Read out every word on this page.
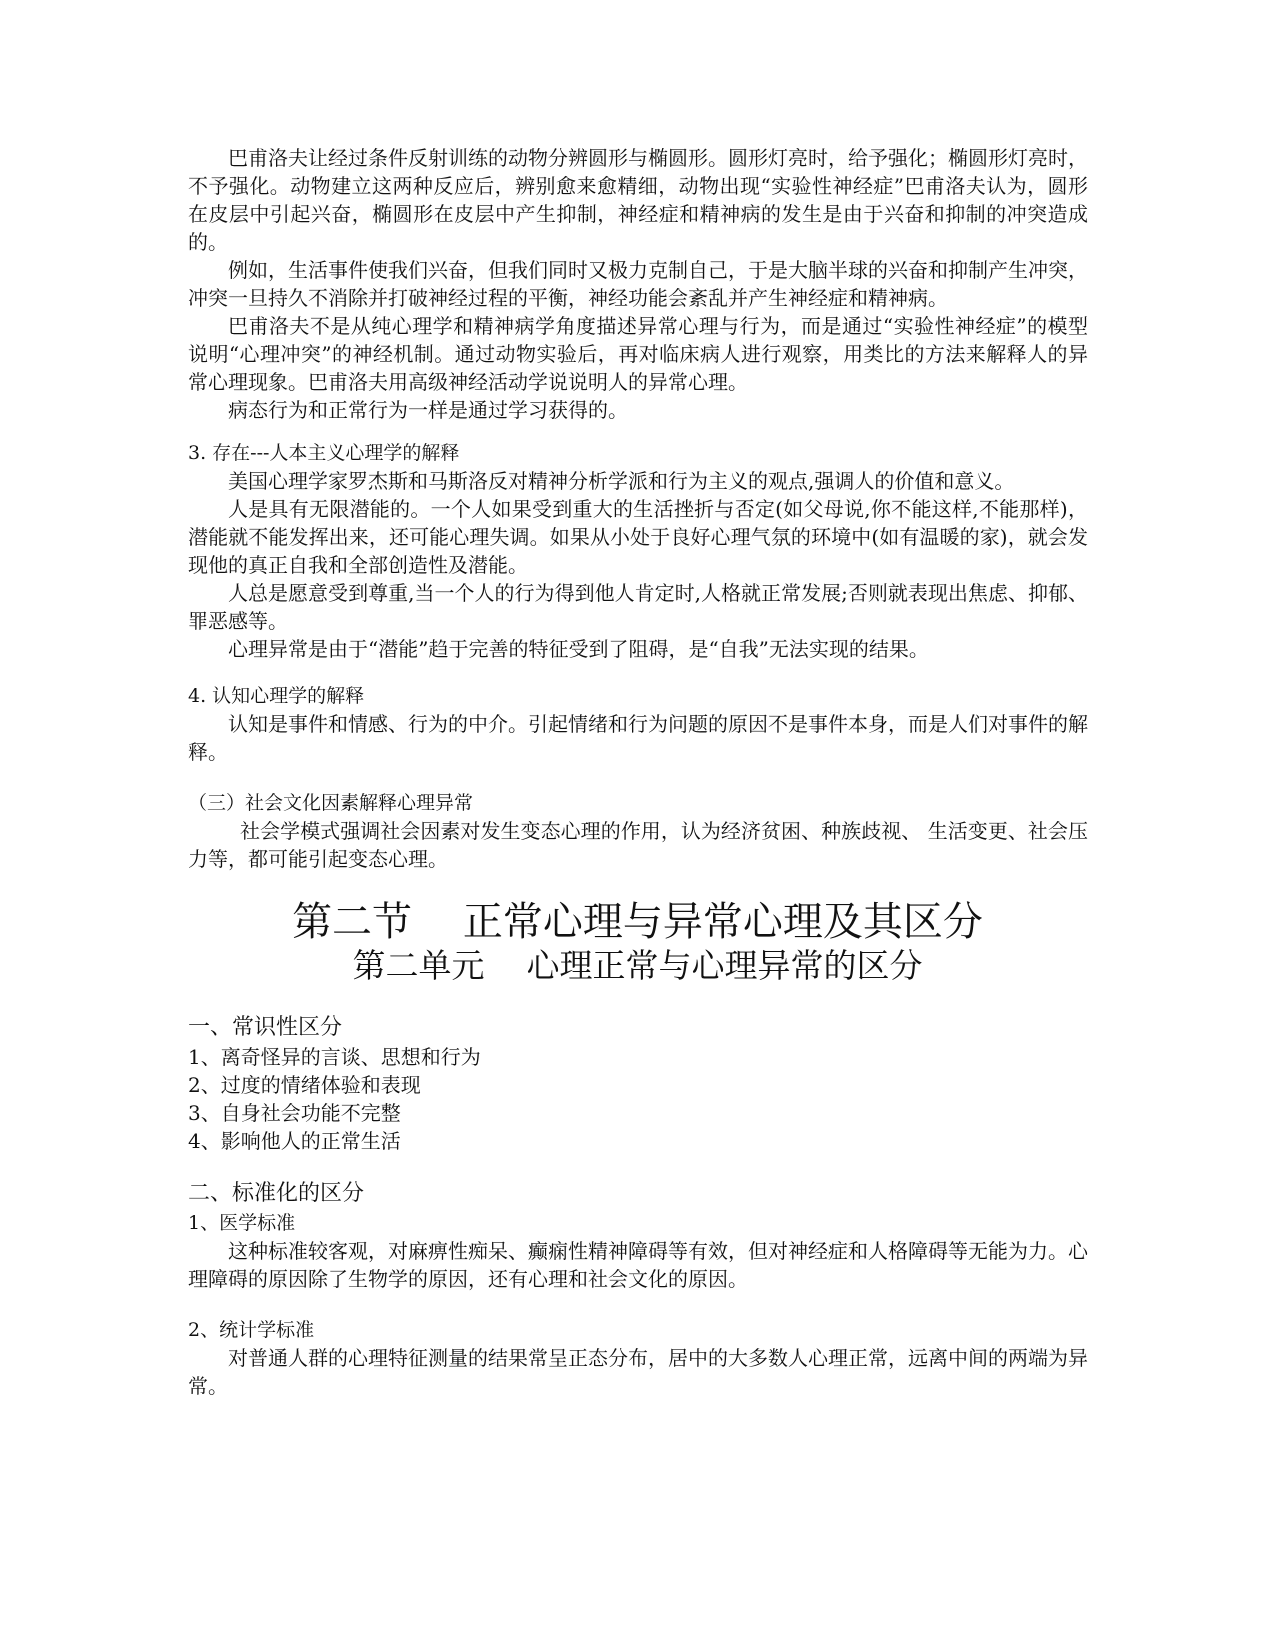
巴甫洛夫让经过条件反射训练的动物分辨圆形与椭圆形。圆形灯亮时，给予强化；椭圆形灯亮时，不予强化。动物建立这两种反应后，辨别愈来愈精细，动物出现“实验性神经症”巴甫洛夫认为，圆形在皮层中引起兴奋，椭圆形在皮层中产生抑制，神经症和精神病的发生是由于兴奋和抑制的冲突造成的。

例如，生活事件使我们兴奋，但我们同时又极力克制自己，于是大脑半球的兴奋和抑制产生冲突，冲突一旦持久不消除并打破神经过程的平衡，神经功能会紊乱并产生神经症和精神病。

巴甫洛夫不是从纯心理学和精神病学角度描述异常心理与行为，而是通过“实验性神经症”的模型说明“心理冲突”的神经机制。通过动物实验后，再对临床病人进行观察，用类比的方法来解释人的异常心理现象。巴甫洛夫用高级神经活动学说说明人的异常心理。

病态行为和正常行为一样是通过学习获得的。

3. 存在---人本主义心理学的解释

美国心理学家罗杰斯和马斯洛反对精神分析学派和行为主义的观点,强调人的价值和意义。

人是具有无限潜能的。一个人如果受到重大的生活挫折与否定(如父母说,你不能这样,不能那样)，潜能就不能发挥出来，还可能心理失调。如果从小处于良好心理气氛的环境中(如有温暖的家)，就会发现他的真正自我和全部创造性及潜能。

人总是愿意受到尊重,当一个人的行为得到他人肯定时,人格就正常发展;否则就表现出焦虑、抑郁、罪恶感等。

心理异常是由于“潜能”趋于完善的特征受到了阻碍，是“自我”无法实现的结果。

4. 认知心理学的解释

认知是事件和情感、行为的中介。引起情绪和行为问题的原因不是事件本身，而是人们对事件的解释。

（三）社会文化因素解释心理异常

社会学模式强调社会因素对发生变态心理的作用，认为经济贫困、种族歧视、 生活变更、社会压力等，都可能引起变态心理。

第二节    正常心理与异常心理及其区分
第二单元    心理正常与心理异常的区分

一、常识性区分

1、离奇怪异的言谈、思想和行为

2、过度的情绪体验和表现

3、自身社会功能不完整

4、影响他人的正常生活

二、标准化的区分

1、医学标准

这种标准较客观，对麻痹性痴呆、癫痫性精神障碍等有效，但对神经症和人格障碍等无能为力。心理障碍的原因除了生物学的原因，还有心理和社会文化的原因。

2、统计学标准

对普通人群的心理特征测量的结果常呈正态分布，居中的大多数人心理正常，远离中间的两端为异常。
